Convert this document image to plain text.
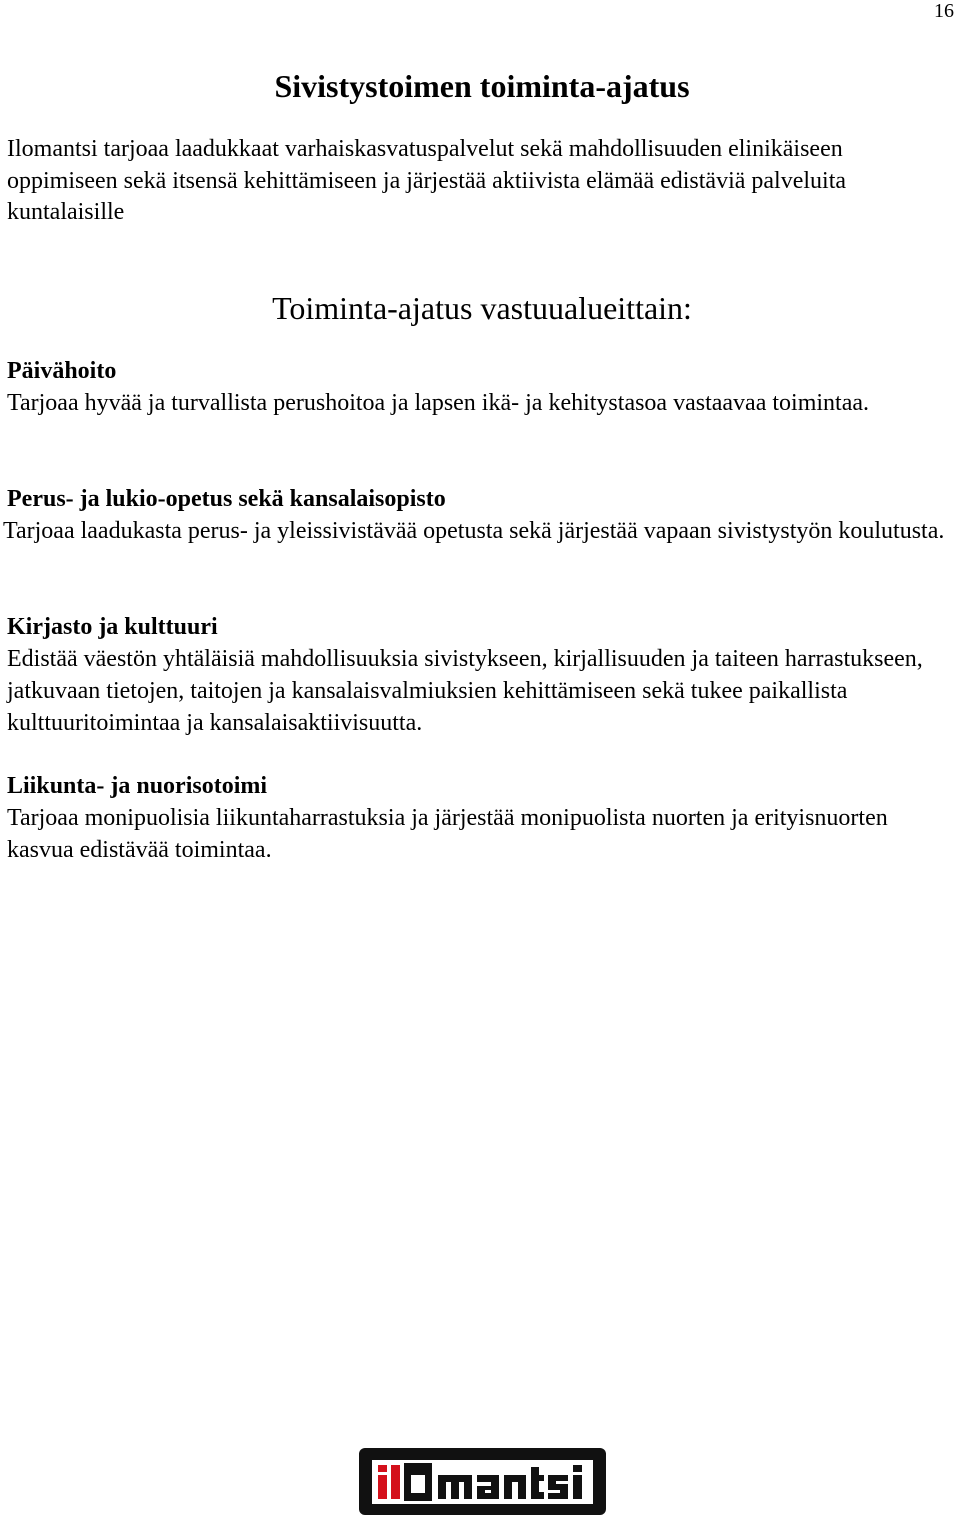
16
Sivistystoimen toiminta-ajatus

Ilomantsi tarjoaa laadukkaat varhaiskasvatuspalvelut sekä mahdollisuuden elinikäiseen oppimiseen sekä itsensä kehittämiseen ja järjestää aktiivista elämää edistäviä palveluita kuntalaisille

Toiminta-ajatus vastuualueittain:

Päivähoito

Tarjoaa hyvää ja turvallista perushoitoa ja lapsen ikä- ja kehitystasoa vastaavaa toimintaa.

Perus- ja lukio-opetus sekä kansalaisopisto

Tarjoaa laadukasta perus- ja yleissivistävää opetusta sekä järjestää vapaan sivistystyön koulutusta.

Kirjasto ja kulttuuri

Edistää väestön yhtäläisiä mahdollisuuksia sivistykseen, kirjallisuuden ja taiteen harrastukseen, jatkuvaan tietojen, taitojen ja kansalaisvalmiuksien kehittämiseen sekä tukee paikallista kulttuuritoimintaa ja kansalaisaktiivisuutta.

Liikunta- ja nuorisotoimi

Tarjoaa monipuolisia liikuntaharrastuksia ja järjestää monipuolista nuorten ja erityisnuorten kasvua edistävää toimintaa.
